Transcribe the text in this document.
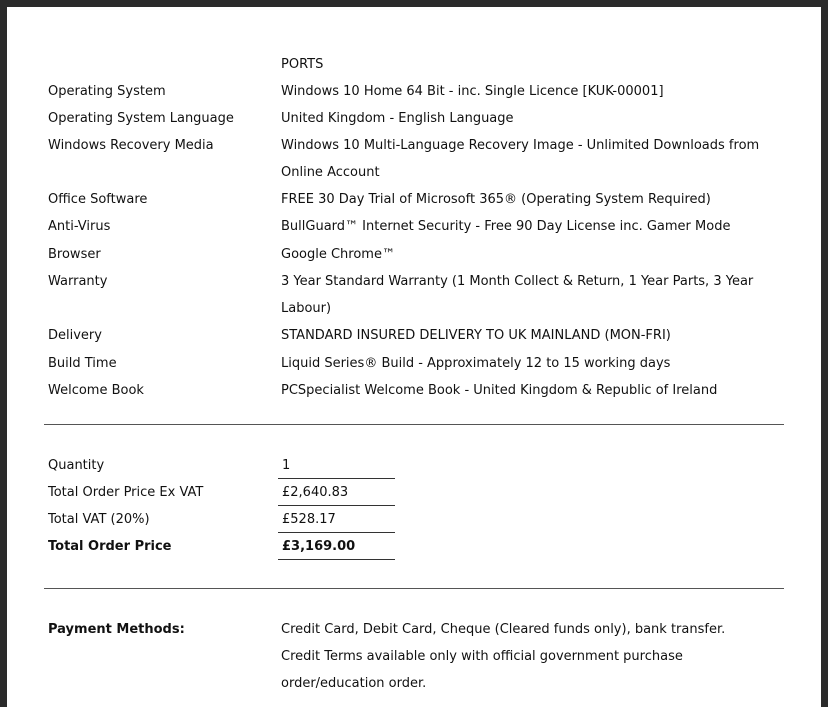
PORTS
Operating System	Windows 10 Home 64 Bit - inc. Single Licence [KUK-00001]
Operating System Language	United Kingdom - English Language
Windows Recovery Media	Windows 10 Multi-Language Recovery Image - Unlimited Downloads from Online Account
Office Software	FREE 30 Day Trial of Microsoft 365® (Operating System Required)
Anti-Virus	BullGuard™ Internet Security - Free 90 Day License inc. Gamer Mode
Browser	Google Chrome™
Warranty	3 Year Standard Warranty (1 Month Collect & Return, 1 Year Parts, 3 Year Labour)
Delivery	STANDARD INSURED DELIVERY TO UK MAINLAND (MON-FRI)
Build Time	Liquid Series® Build - Approximately 12 to 15 working days
Welcome Book	PCSpecialist Welcome Book - United Kingdom & Republic of Ireland
Quantity	1
Total Order Price Ex VAT	£2,640.83
Total VAT (20%)	£528.17
Total Order Price	£3,169.00
Payment Methods:	Credit Card, Debit Card, Cheque (Cleared funds only), bank transfer. Credit Terms available only with official government purchase order/education order.
